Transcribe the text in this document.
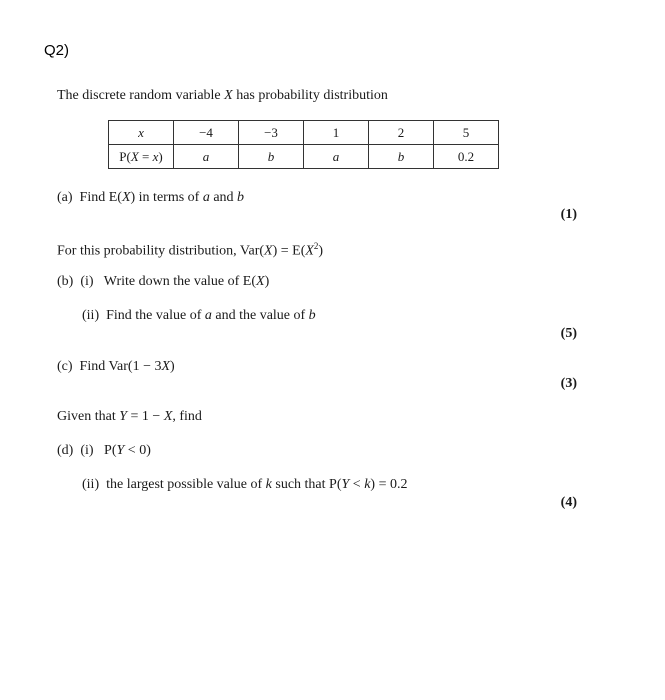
Q2)
The discrete random variable X has probability distribution
x	−4	−3	1	2	5
P(X = x)	a	b	a	b	0.2
(a) Find E(X) in terms of a and b
(1)
For this probability distribution, $Var(X) = E(X^2)$
(b) (i) Write down the value of E(X)
(ii) Find the value of a and the value of b
(5)
(c) Find Var(1 − 3X)
(3)
Given that Y = 1 − X, find
(d) (i) P(Y < 0)
(ii) the largest possible value of k such that P(Y < k) = 0.2
(4)
